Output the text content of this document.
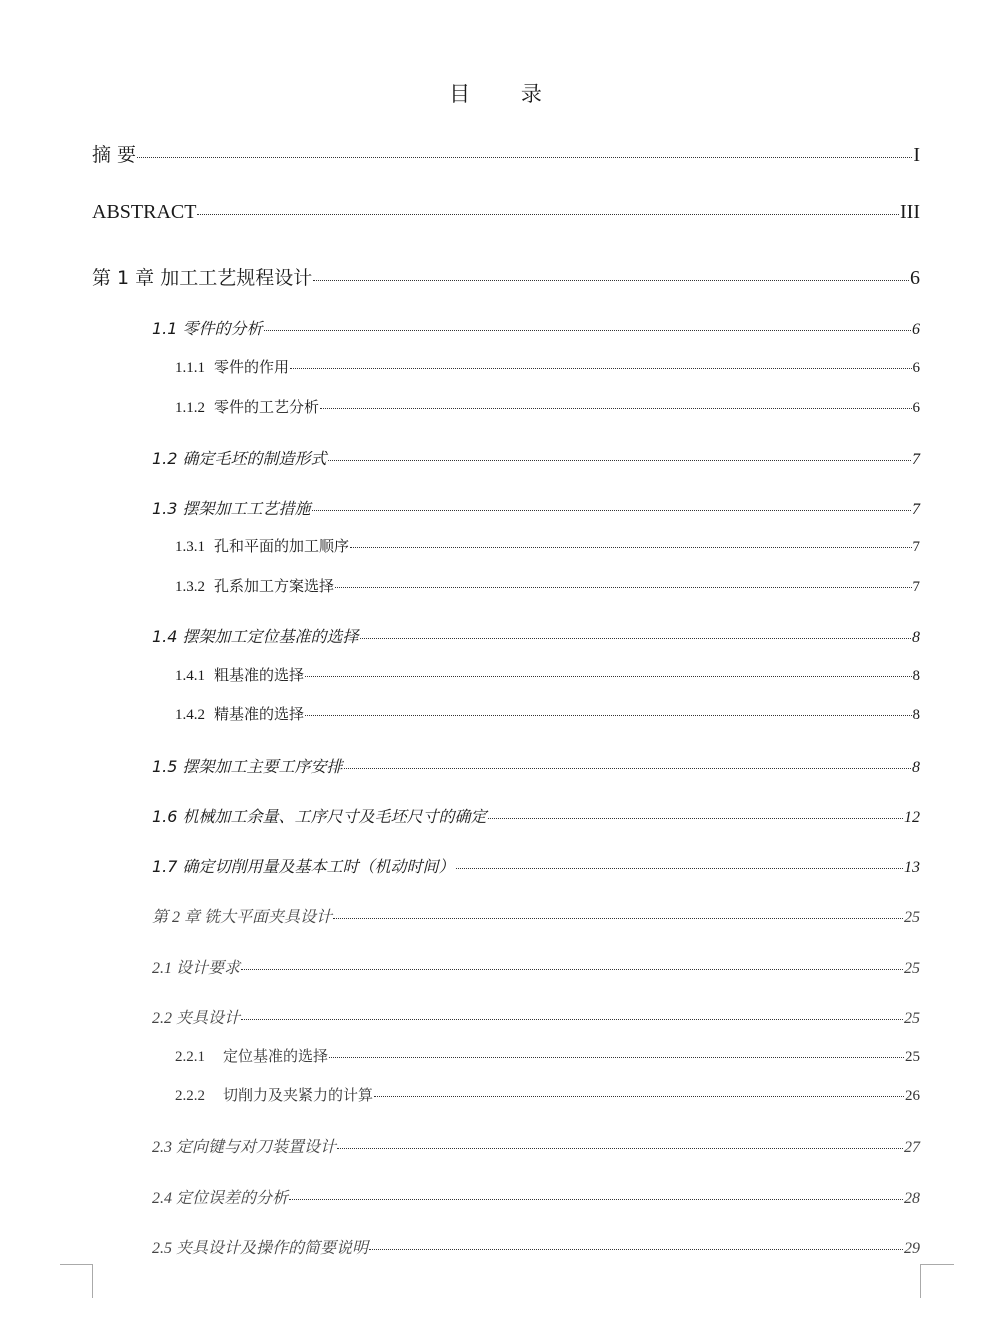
目 录
摘 要	I
ABSTRACT	III
第 1 章 加工工艺规程设计	6
1.1 零件的分析	6
1.1.1 零件的作用	6
1.1.2 零件的工艺分析	6
1.2 确定毛坯的制造形式	7
1.3 摆架加工工艺措施	7
1.3.1 孔和平面的加工顺序	7
1.3.2 孔系加工方案选择	7
1.4 摆架加工定位基准的选择	8
1.4.1 粗基准的选择	8
1.4.2 精基准的选择	8
1.5 摆架加工主要工序安排	8
1.6 机械加工余量、工序尺寸及毛坯尺寸的确定	12
1.7 确定切削用量及基本工时（机动时间）	13
第 2 章 铣大平面夹具设计	25
2.1 设计要求	25
2.2 夹具设计	25
2.2.1 定位基准的选择	25
2.2.2 切削力及夹紧力的计算	26
2.3 定向键与对刀装置设计	27
2.4 定位误差的分析	28
2.5 夹具设计及操作的简要说明	29
